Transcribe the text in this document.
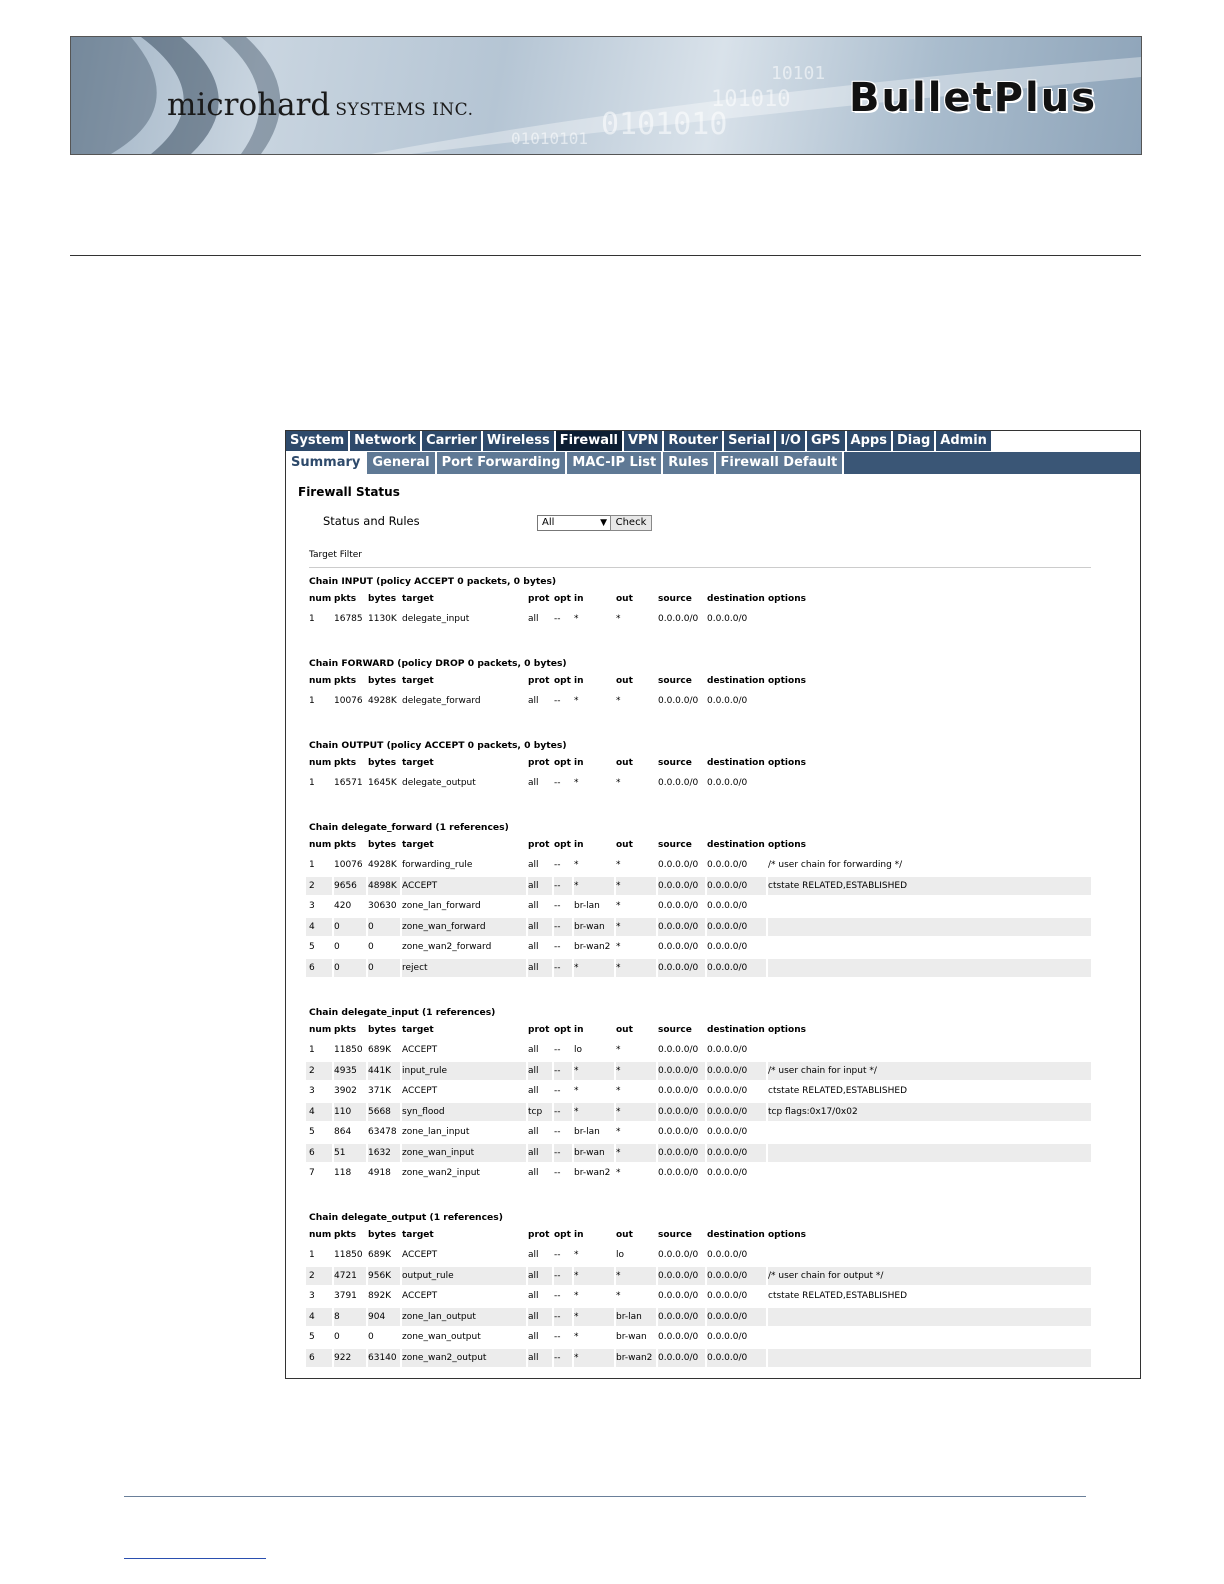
10101
101010
0101010
01010101
microhard SYSTEMS INC.	BulletPlus
System Network Carrier Wireless Firewall VPN Router Serial I/O GPS Apps Diag Admin
Summary General Port Forwarding MAC-IP List Rules Firewall Default
Firewall Status
Status and Rules	All	▼ Check
Target Filter
Chain INPUT (policy ACCEPT 0 packets, 0 bytes)
num pkts bytes target	prot opt in	out	source destination options
1 16785 1130K delegate_input	all -- *	*	0.0.0.0/0 0.0.0.0/0
Chain FORWARD (policy DROP 0 packets, 0 bytes)
num pkts bytes target	prot opt in	out	source destination options
1 10076 4928K delegate_forward	all -- *	*	0.0.0.0/0 0.0.0.0/0
Chain OUTPUT (policy ACCEPT 0 packets, 0 bytes)
num pkts bytes target	prot opt in	out	source destination options
1 16571 1645K delegate_output	all -- *	*	0.0.0.0/0 0.0.0.0/0
Chain delegate_forward (1 references)
num pkts bytes target	prot opt in	out	source destination options
1 10076 4928K forwarding_rule	all -- *	*	0.0.0.0/0 0.0.0.0/0 /* user chain for forwarding */
2 9656 4898K ACCEPT	all -- *	*	0.0.0.0/0 0.0.0.0/0 ctstate RELATED,ESTABLISHED
3 420 30630 zone_lan_forward	all -- br-lan *	0.0.0.0/0 0.0.0.0/0
4 0	0	zone_wan_forward	all -- br-wan *	0.0.0.0/0 0.0.0.0/0
5 0	0	zone_wan2_forward	all -- br-wan2 *	0.0.0.0/0 0.0.0.0/0
6 0	0	reject	all -- *	*	0.0.0.0/0 0.0.0.0/0
Chain delegate_input (1 references)
num pkts bytes target	prot opt in	out	source destination options
1 11850 689K ACCEPT	all -- lo	*	0.0.0.0/0 0.0.0.0/0
2 4935 441K input_rule	all -- *	*	0.0.0.0/0 0.0.0.0/0 /* user chain for input */
3 3902 371K ACCEPT	all -- *	*	0.0.0.0/0 0.0.0.0/0 ctstate RELATED,ESTABLISHED
4 110 5668 syn_flood	tcp -- *	*	0.0.0.0/0 0.0.0.0/0 tcp flags:0x17/0x02
5 864 63478 zone_lan_input	all -- br-lan *	0.0.0.0/0 0.0.0.0/0
6 51	1632 zone_wan_input	all -- br-wan *	0.0.0.0/0 0.0.0.0/0
7 118 4918 zone_wan2_input	all -- br-wan2 *	0.0.0.0/0 0.0.0.0/0
Chain delegate_output (1 references)
num pkts bytes target	prot opt in	out	source destination options
1 11850 689K ACCEPT	all -- *	lo	0.0.0.0/0 0.0.0.0/0
2 4721 956K output_rule	all -- *	*	0.0.0.0/0 0.0.0.0/0 /* user chain for output */
3 3791 892K ACCEPT	all -- *	*	0.0.0.0/0 0.0.0.0/0 ctstate RELATED,ESTABLISHED
4 8	904 zone_lan_output	all -- *	br-lan 0.0.0.0/0 0.0.0.0/0
5 0	0	zone_wan_output	all -- *	br-wan 0.0.0.0/0 0.0.0.0/0
6 922 63140 zone_wan2_output	all -- *	br-wan2 0.0.0.0/0 0.0.0.0/0
